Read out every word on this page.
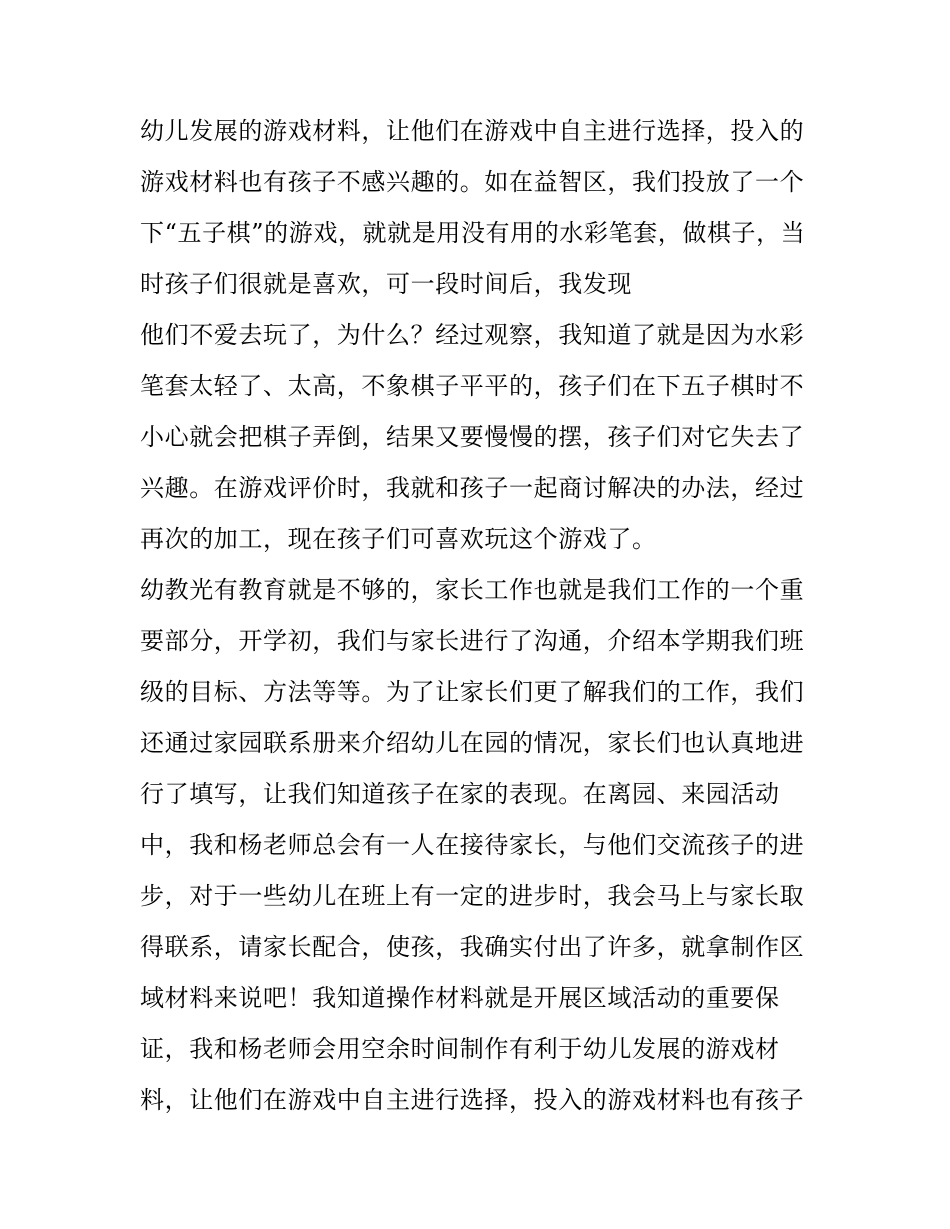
幼儿发展的游戏材料，让他们在游戏中自主进行选择，投入的
游戏材料也有孩子不感兴趣的。如在益智区，我们投放了一个
下“五子棋”的游戏，就就是用没有用的水彩笔套，做棋子，当
时孩子们很就是喜欢，可一段时间后，我发现
他们不爱去玩了，为什么？经过观察，我知道了就是因为水彩
笔套太轻了、太高，不象棋子平平的，孩子们在下五子棋时不
小心就会把棋子弄倒，结果又要慢慢的摆，孩子们对它失去了
兴趣。在游戏评价时，我就和孩子一起商讨解决的办法，经过
再次的加工，现在孩子们可喜欢玩这个游戏了。
幼教光有教育就是不够的，家长工作也就是我们工作的一个重
要部分，开学初，我们与家长进行了沟通，介绍本学期我们班
级的目标、方法等等。为了让家长们更了解我们的工作，我们
还通过家园联系册来介绍幼儿在园的情况，家长们也认真地进
行了填写，让我们知道孩子在家的表现。在离园、来园活动
中，我和杨老师总会有一人在接待家长，与他们交流孩子的进
步，对于一些幼儿在班上有一定的进步时，我会马上与家长取
得联系，请家长配合，使孩，我确实付出了许多，就拿制作区
域材料来说吧！我知道操作材料就是开展区域活动的重要保
证，我和杨老师会用空余时间制作有利于幼儿发展的游戏材
料，让他们在游戏中自主进行选择，投入的游戏材料也有孩子
